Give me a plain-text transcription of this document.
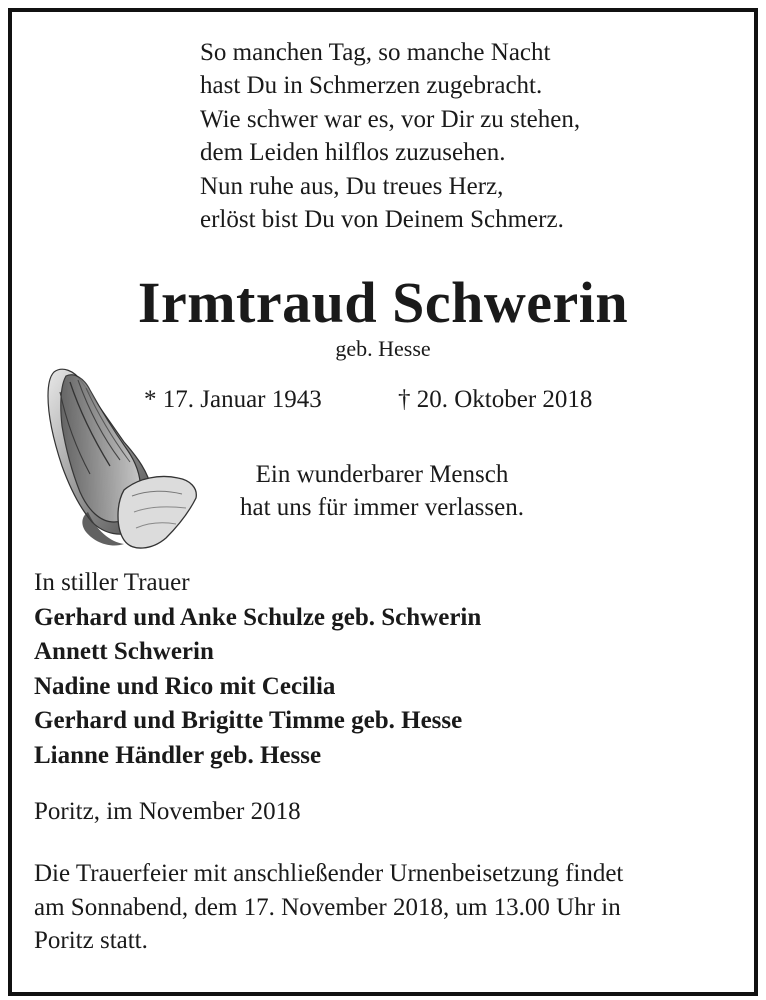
So manchen Tag, so manche Nacht
hast Du in Schmerzen zugebracht.
Wie schwer war es, vor Dir zu stehen,
dem Leiden hilflos zuzusehen.
Nun ruhe aus, Du treues Herz,
erlöst bist Du von Deinem Schmerz.
Irmtraud Schwerin
geb. Hesse
* 17. Januar 1943	† 20. Oktober 2018
Ein wunderbarer Mensch
hat uns für immer verlassen.
In stiller Trauer
Gerhard und Anke Schulze geb. Schwerin
Annett Schwerin
Nadine und Rico mit Cecilia
Gerhard und Brigitte Timme geb. Hesse
Lianne Händler geb. Hesse
Poritz, im November 2018
Die Trauerfeier mit anschließender Urnenbeisetzung findet
am Sonnabend, dem 17. November 2018, um 13.00 Uhr in
Poritz statt.
